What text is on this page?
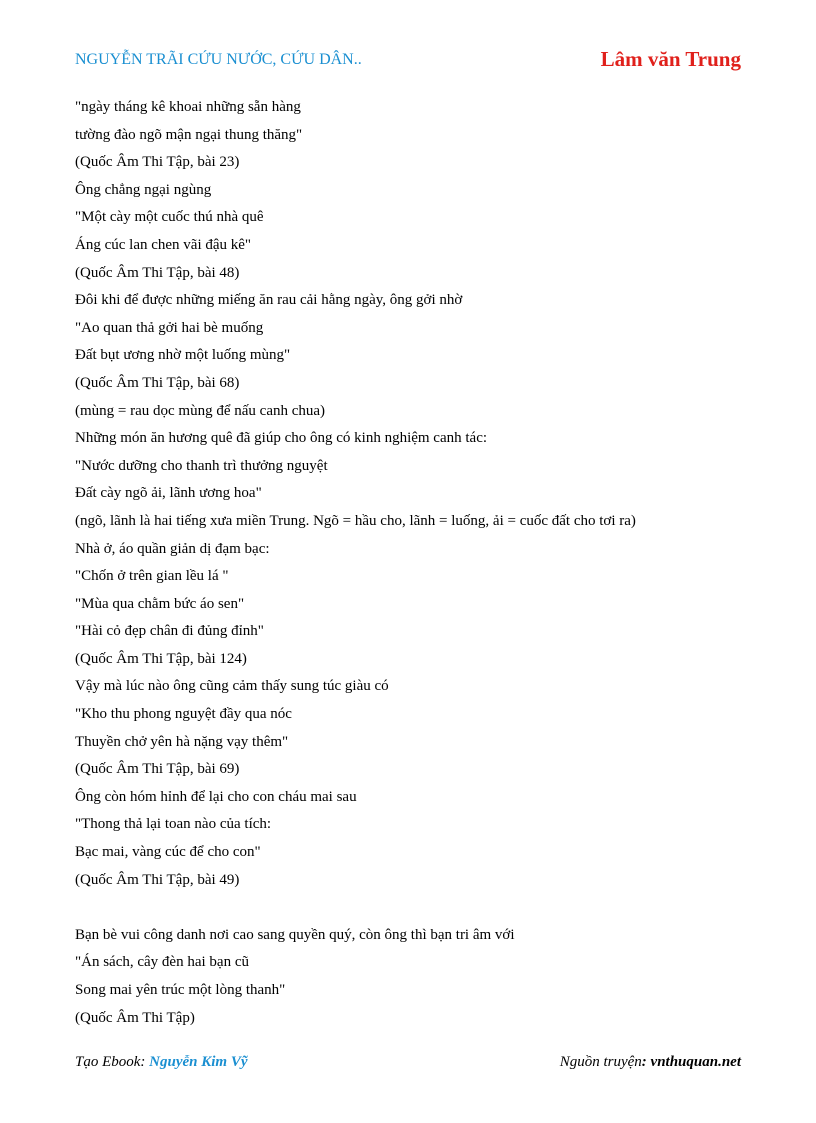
NGUYỄN TRÃI CỨU NƯỚC, CỨU DÂN..	Lâm văn Trung
"ngày tháng kê khoai những sẵn hàng
tường đào ngõ mận ngại thung thăng"
(Quốc Âm Thi Tập, bài 23)
Ông chẳng ngại ngùng
"Một cày một cuốc thú nhà quê
Áng cúc lan chen vãi đậu kê"
(Quốc Âm Thi Tập, bài 48)
Đôi khi để được những miếng ăn rau cải hằng ngày, ông gởi nhờ
"Ao quan thả gởi hai bè muống
Đất bụt ương nhờ một luống mùng"
(Quốc Âm Thi Tập, bài 68)
(mùng = rau dọc mùng để nấu canh chua)
Những món ăn hương quê đã giúp cho ông có kinh nghiệm canh tác:
"Nước dưỡng cho thanh trì thưởng nguyệt
Đất cày ngõ ải, lãnh ương hoa"
(ngõ, lãnh là hai tiếng xưa miền Trung. Ngõ = hầu cho, lãnh = luống, ải = cuốc đất cho tơi ra)
Nhà ở, áo quần giản dị đạm bạc:
"Chốn ở trên gian lều lá "
"Mùa qua chằm bức áo sen"
"Hài cỏ đẹp chân đi đủng đỉnh"
(Quốc Âm Thi Tập, bài 124)
Vậy mà lúc nào ông cũng cảm thấy sung túc giàu có
"Kho thu phong nguyệt đầy qua nóc
Thuyền chở yên hà nặng vạy thêm"
(Quốc Âm Thi Tập, bài 69)
Ông còn hóm hỉnh để lại cho con cháu mai sau
"Thong thả lại toan nào của tích:
Bạc mai, vàng cúc để cho con"
(Quốc Âm Thi Tập, bài 49)
Bạn bè vui công danh nơi cao sang quyền quý, còn ông thì bạn tri âm với
"Án sách, cây đèn hai bạn cũ
Song mai yên trúc một lòng thanh"
(Quốc Âm Thi Tập)
Tạo Ebook: Nguyễn Kim Vỹ	Nguồn truyện: vnthuquan.net
